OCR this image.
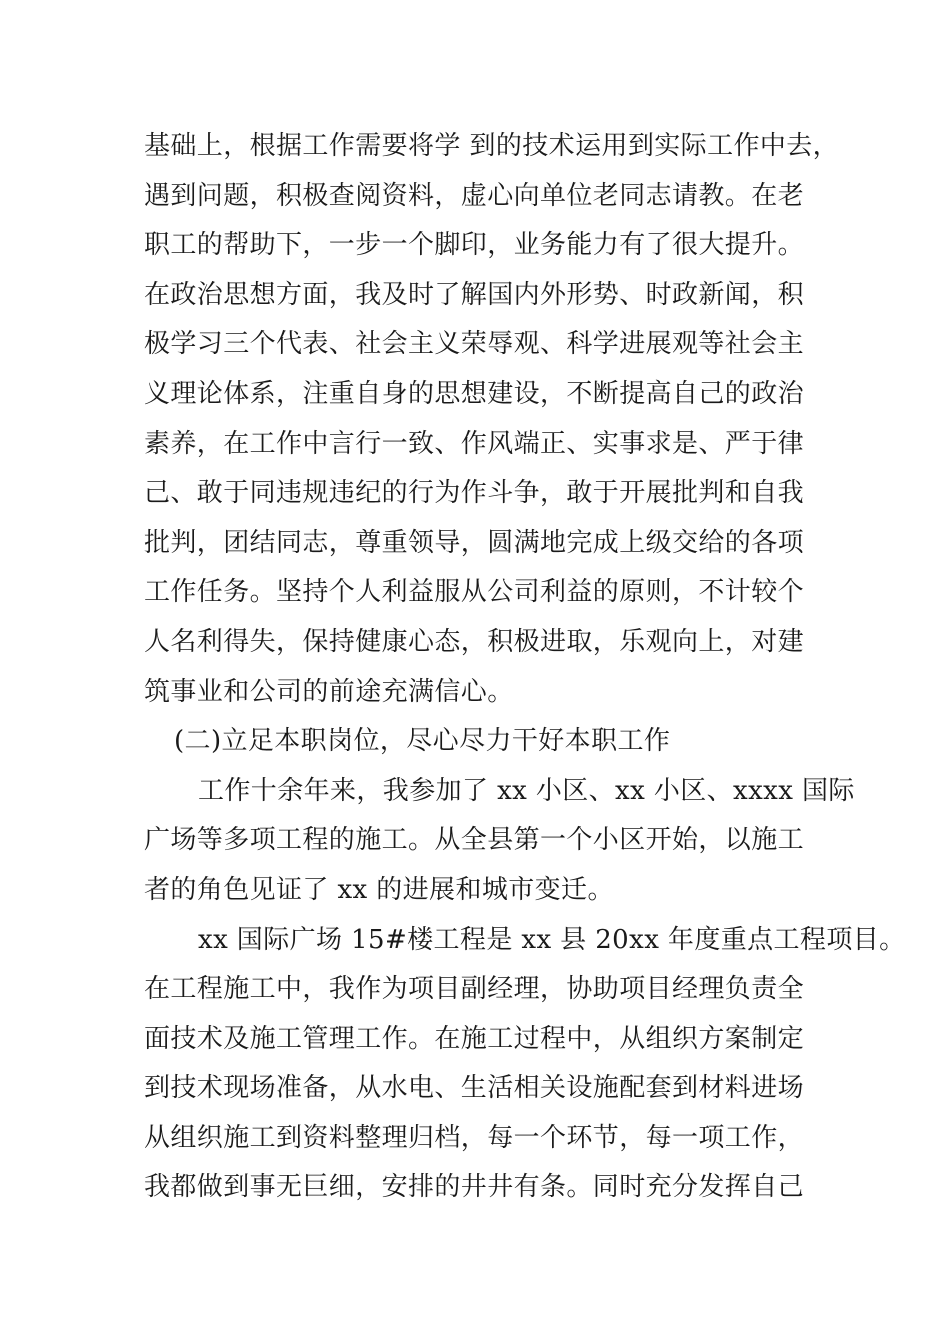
基础上，根据工作需要将学 到的技术运用到实际工作中去，
遇到问题，积极查阅资料，虚心向单位老同志请教。在老
职工的帮助下，一步一个脚印，业务能力有了很大提升。
在政治思想方面，我及时了解国内外形势、时政新闻，积
极学习三个代表、社会主义荣辱观、科学进展观等社会主
义理论体系，注重自身的思想建设，不断提高自己的政治
素养，在工作中言行一致、作风端正、实事求是、严于律
己、敢于同违规违纪的行为作斗争，敢于开展批判和自我
批判，团结同志，尊重领导，圆满地完成上级交给的各项
工作任务。坚持个人利益服从公司利益的原则，不计较个
人名利得失，保持健康心态，积极进取，乐观向上，对建
筑事业和公司的前途充满信心。
(二)立足本职岗位，尽心尽力干好本职工作
工作十余年来，我参加了 xx 小区、xx 小区、xxxx 国际
广场等多项工程的施工。从全县第一个小区开始，以施工
者的角色见证了 xx 的进展和城市变迁。
xx 国际广场 15#楼工程是 xx 县 20xx 年度重点工程项目。
在工程施工中，我作为项目副经理，协助项目经理负责全
面技术及施工管理工作。在施工过程中，从组织方案制定
到技术现场准备，从水电、生活相关设施配套到材料进场
从组织施工到资料整理归档，每一个环节，每一项工作，
我都做到事无巨细，安排的井井有条。同时充分发挥自己
